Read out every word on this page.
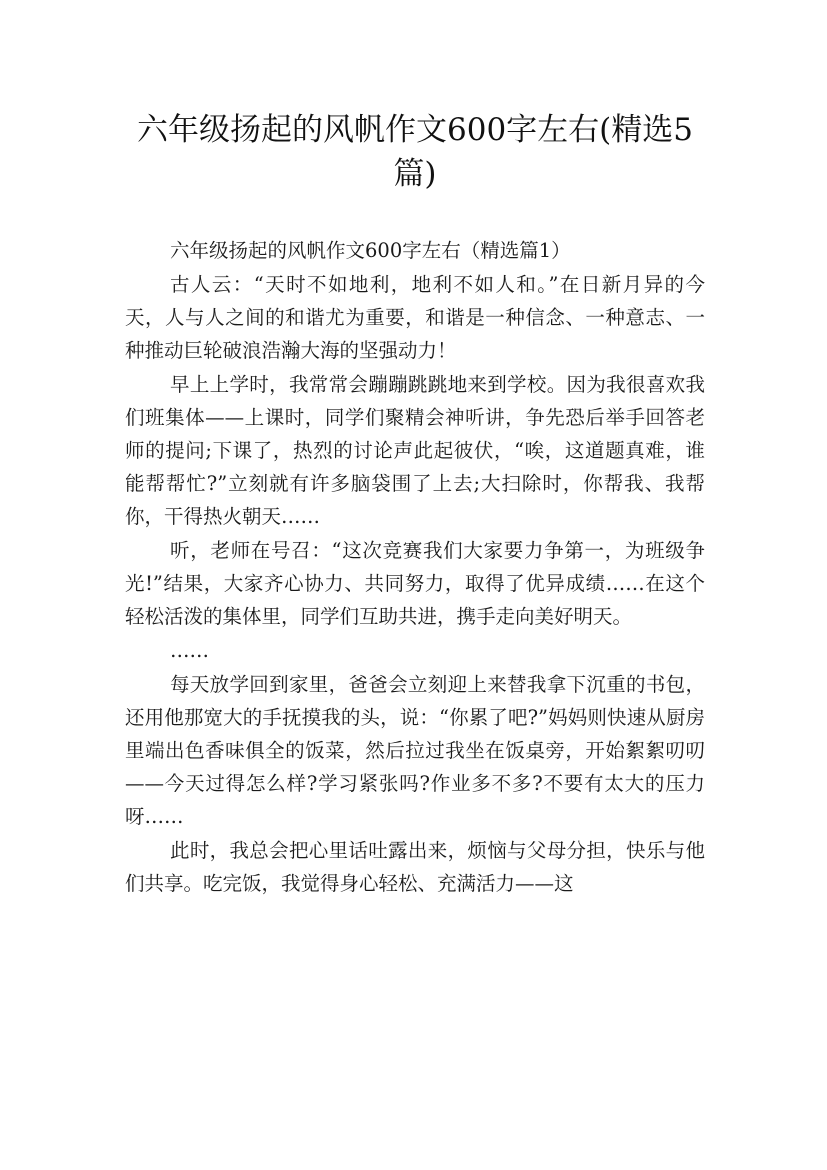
六年级扬起的风帆作文600字左右(精选5篇)

六年级扬起的风帆作文600字左右（精选篇1）

古人云：“天时不如地利，地利不如人和。”在日新月异的今天，人与人之间的和谐尤为重要，和谐是一种信念、一种意志、一种推动巨轮破浪浩瀚大海的坚强动力！

早上上学时，我常常会蹦蹦跳跳地来到学校。因为我很喜欢我们班集体——上课时，同学们聚精会神听讲，争先恐后举手回答老师的提问;下课了，热烈的讨论声此起彼伏，“唉，这道题真难，谁能帮帮忙?”立刻就有许多脑袋围了上去;大扫除时，你帮我、我帮你，干得热火朝天……

听，老师在号召：“这次竞赛我们大家要力争第一，为班级争光!”结果，大家齐心协力、共同努力，取得了优异成绩……在这个轻松活泼的集体里，同学们互助共进，携手走向美好明天。

……

每天放学回到家里，爸爸会立刻迎上来替我拿下沉重的书包，还用他那宽大的手抚摸我的头，说：“你累了吧?”妈妈则快速从厨房里端出色香味俱全的饭菜，然后拉过我坐在饭桌旁，开始絮絮叨叨——今天过得怎么样?学习紧张吗?作业多不多?不要有太大的压力呀……

此时，我总会把心里话吐露出来，烦恼与父母分担，快乐与他们共享。吃完饭，我觉得身心轻松、充满活力——这
